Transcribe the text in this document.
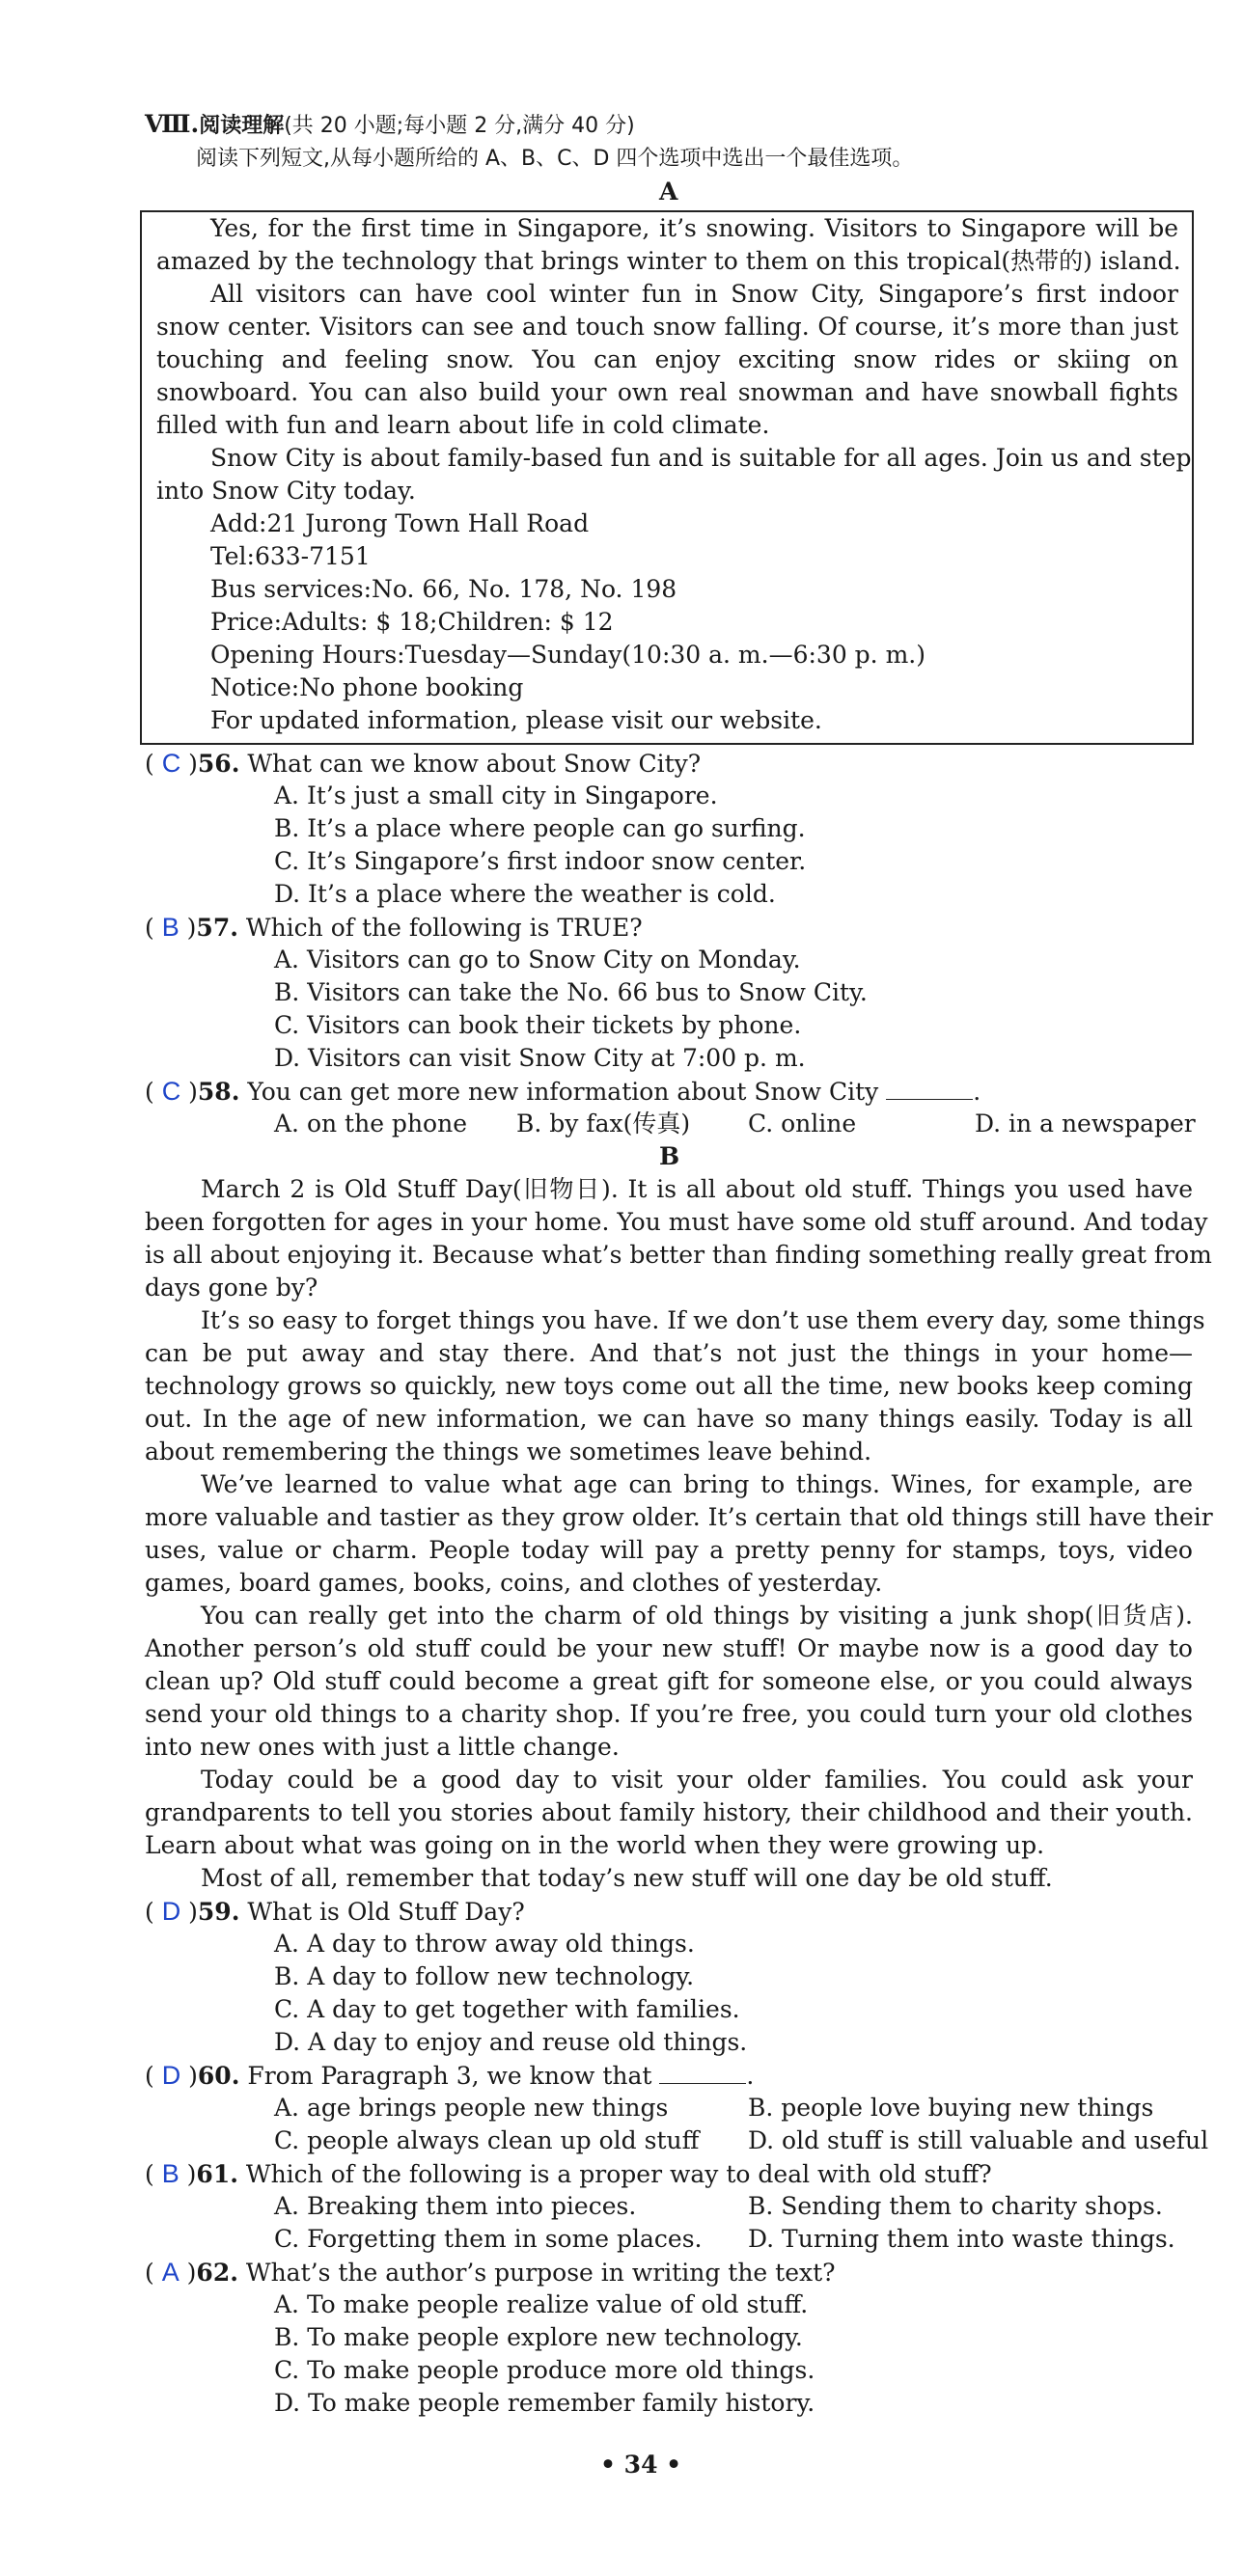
Ⅷ.阅读理解(共 20 小题;每小题 2 分,满分 40 分)
阅读下列短文,从每小题所给的 A、B、C、D 四个选项中选出一个最佳选项。
A
Yes, for the first time in Singapore, it’s snowing. Visitors to Singapore will be
amazed by the technology that brings winter to them on this tropical(热带的) island.
All visitors can have cool winter fun in Snow City, Singapore’s first indoor
snow center. Visitors can see and touch snow falling. Of course, it’s more than just
touching and feeling snow. You can enjoy exciting snow rides or skiing on
snowboard. You can also build your own real snowman and have snowball fights
filled with fun and learn about life in cold climate.
Snow City is about family-based fun and is suitable for all ages. Join us and step
into Snow City today.
Add:21 Jurong Town Hall Road
Tel:633-7151
Bus services:No. 66, No. 178, No. 198
Price:Adults: $ 18;Children: $ 12
Opening Hours:Tuesday—Sunday(10:30 a. m.—6:30 p. m.)
Notice:No phone booking
For updated information, please visit our website.
( C )56. What can we know about Snow City?
A. It’s just a small city in Singapore.
B. It’s a place where people can go surfing.
C. It’s Singapore’s first indoor snow center.
D. It’s a place where the weather is cold.
( B )57. Which of the following is TRUE?
A. Visitors can go to Snow City on Monday.
B. Visitors can take the No. 66 bus to Snow City.
C. Visitors can book their tickets by phone.
D. Visitors can visit Snow City at 7:00 p. m.
( C )58. You can get more new information about Snow City	.
A. on the phone B. by fax(传真) C. online	D. in a newspaper
B
March 2 is Old Stuff Day(旧物日). It is all about old stuff. Things you used have
been forgotten for ages in your home. You must have some old stuff around. And today
is all about enjoying it. Because what’s better than finding something really great from
days gone by?
It’s so easy to forget things you have. If we don’t use them every day, some things
can be put away and stay there. And that’s not just the things in your home—
technology grows so quickly, new toys come out all the time, new books keep coming
out. In the age of new information, we can have so many things easily. Today is all
about remembering the things we sometimes leave behind.
We’ve learned to value what age can bring to things. Wines, for example, are
more valuable and tastier as they grow older. It’s certain that old things still have their
uses, value or charm. People today will pay a pretty penny for stamps, toys, video
games, board games, books, coins, and clothes of yesterday.
You can really get into the charm of old things by visiting a junk shop(旧货店).
Another person’s old stuff could be your new stuff! Or maybe now is a good day to
clean up? Old stuff could become a great gift for someone else, or you could always
send your old things to a charity shop. If you’re free, you could turn your old clothes
into new ones with just a little change.
Today could be a good day to visit your older families. You could ask your
grandparents to tell you stories about family history, their childhood and their youth.
Learn about what was going on in the world when they were growing up.
Most of all, remember that today’s new stuff will one day be old stuff.
( D )59. What is Old Stuff Day?
A. A day to throw away old things.
B. A day to follow new technology.
C. A day to get together with families.
D. A day to enjoy and reuse old things.
( D )60. From Paragraph 3, we know that	.
A. age brings people new things	B. people love buying new things
C. people always clean up old stuff D. old stuff is still valuable and useful
( B )61. Which of the following is a proper way to deal with old stuff?
A. Breaking them into pieces.	B. Sending them to charity shops.
C. Forgetting them in some places. D. Turning them into waste things.
( A )62. What’s the author’s purpose in writing the text?
A. To make people realize value of old stuff.
B. To make people explore new technology.
C. To make people produce more old things.
D. To make people remember family history.
• 34 •
